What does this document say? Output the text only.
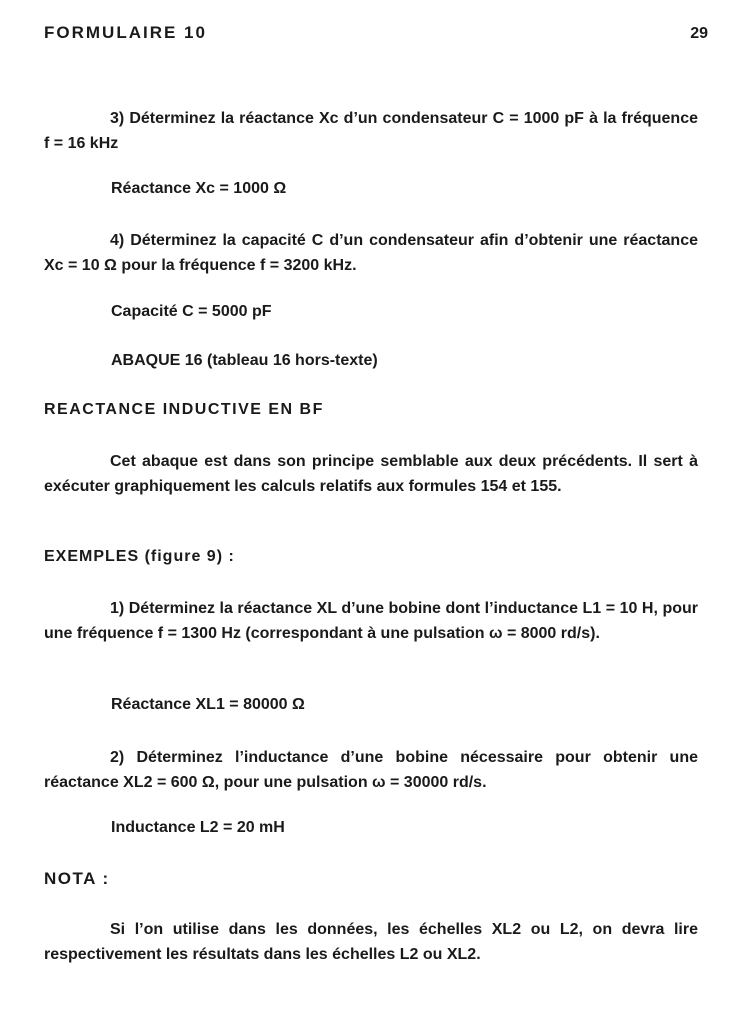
FORMULAIRE 10	29

3) Déterminez la réactance Xc d’un condensateur C = 1000 pF à la fréquence f = 16 kHz

Réactance Xc = 1000 Ω

4) Déterminez la capacité C d’un condensateur afin d’obtenir une réactance Xc = 10 Ω pour la fréquence f = 3200 kHz.

Capacité C = 5000 pF
ABAQUE 16 (tableau 16 hors-texte)
REACTANCE INDUCTIVE EN BF

Cet abaque est dans son principe semblable aux deux précédents. Il sert à exécuter graphiquement les calculs relatifs aux formules 154 et 155.

EXEMPLES (figure 9) :

1) Déterminez la réactance XL d’une bobine dont l’inductance L1 = 10 H, pour une fréquence f = 1300 Hz (correspondant à une pulsation ω = 8000 rd/s).

Réactance XL1 = 80000 Ω

2) Déterminez l’inductance d’une bobine nécessaire pour obtenir une réactance XL2 = 600 Ω, pour une pulsation ω = 30000 rd/s.

Inductance L2 = 20 mH
NOTA :

Si l’on utilise dans les données, les échelles XL2 ou L2, on devra lire respectivement les résultats dans les échelles L2 ou XL2.
